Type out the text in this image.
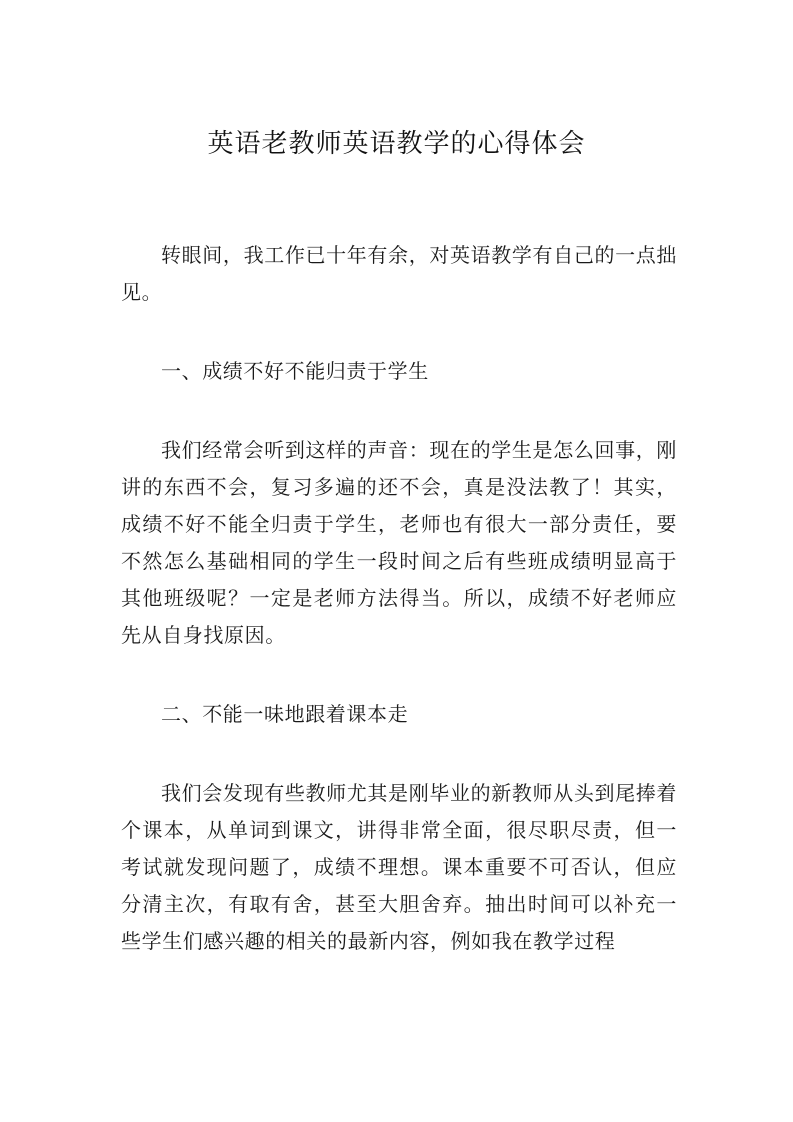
英语老教师英语教学的心得体会

转眼间，我工作已十年有余，对英语教学有自己的一点拙见。

一、成绩不好不能归责于学生

我们经常会听到这样的声音：现在的学生是怎么回事，刚讲的东西不会，复习多遍的还不会，真是没法教了！其实，成绩不好不能全归责于学生，老师也有很大一部分责任，要不然怎么基础相同的学生一段时间之后有些班成绩明显高于其他班级呢？一定是老师方法得当。所以，成绩不好老师应先从自身找原因。

二、不能一味地跟着课本走

我们会发现有些教师尤其是刚毕业的新教师从头到尾捧着个课本，从单词到课文，讲得非常全面，很尽职尽责，但一考试就发现问题了，成绩不理想。课本重要不可否认，但应分清主次，有取有舍，甚至大胆舍弃。抽出时间可以补充一些学生们感兴趣的相关的最新内容，例如我在教学过程
